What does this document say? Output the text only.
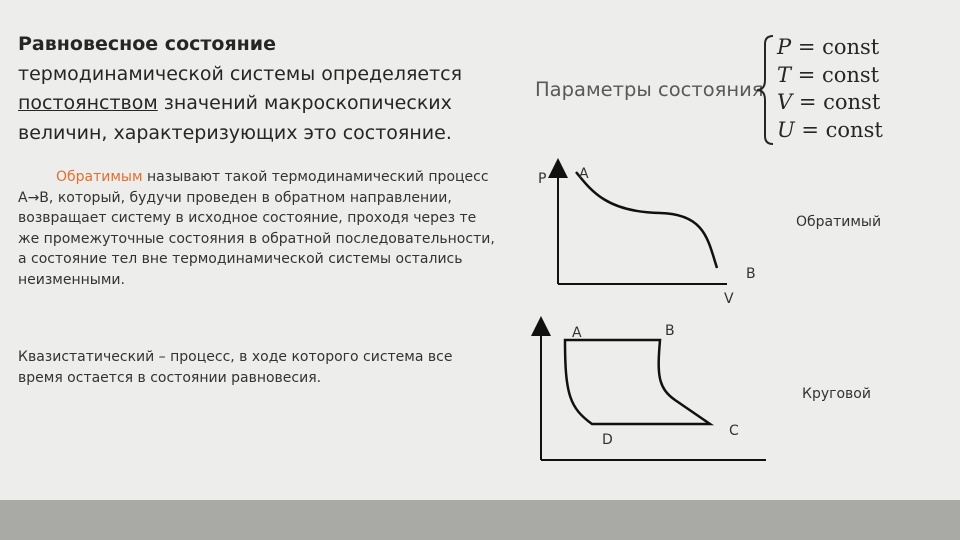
Равновесное состояние
термодинамической системы определяется
постоянством значений макроскопических
величин, характеризующих это состояние.
Обратимым называют такой термодинамический процесс А→В, который, будучи проведен в обратном направлении, возвращает систему в исходное состояние, проходя через те же промежуточные состояния в обратной последовательности, а состояние тел вне термодинамической системы остались неизменными.
Квазистатический – процесс, в ходе которого система все время остается в состоянии равновесия.
Параметры состояния
P = const
T = const
V = const
U = const
P A
B
V
Обратимый
A	B
C
D
Круговой
